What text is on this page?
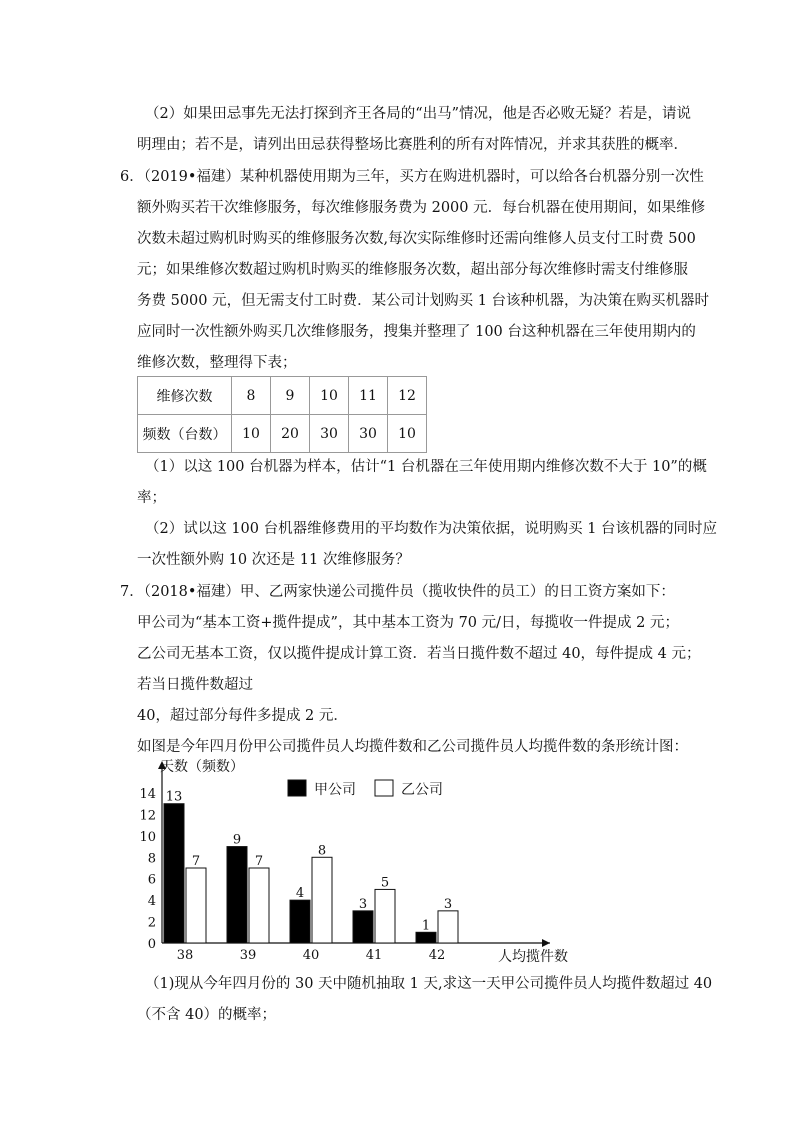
（2）如果田忌事先无法打探到齐王各局的“出马”情况，他是否必败无疑？若是，请说
明理由；若不是，请列出田忌获得整场比赛胜利的所有对阵情况，并求其获胜的概率．
6．（2019•福建）某种机器使用期为三年，买方在购进机器时，可以给各台机器分别一次性
额外购买若干次维修服务，每次维修服务费为 2000 元．每台机器在使用期间，如果维修
次数未超过购机时购买的维修服务次数,每次实际维修时还需向维修人员支付工时费 500
元；如果维修次数超过购机时购买的维修服务次数，超出部分每次维修时需支付维修服
务费 5000 元，但无需支付工时费．某公司计划购买 1 台该种机器，为决策在购买机器时
应同时一次性额外购买几次维修服务，搜集并整理了 100 台这种机器在三年使用期内的
维修次数，整理得下表；
维修次数	8	9	10	11	12
频数（台数）	10	20	30	30	10
（1）以这 100 台机器为样本，估计“1 台机器在三年使用期内维修次数不大于 10”的概
率；
（2）试以这 100 台机器维修费用的平均数作为决策依据，说明购买 1 台该机器的同时应
一次性额外购 10 次还是 11 次维修服务？
7．（2018•福建）甲、乙两家快递公司揽件员（揽收快件的员工）的日工资方案如下：
甲公司为“基本工资+揽件提成”，其中基本工资为 70 元/日，每揽收一件提成 2 元；
乙公司无基本工资，仅以揽件提成计算工资．若当日揽件数不超过 40，每件提成 4 元；
若当日揽件数超过
40，超过部分每件多提成 2 元．
如图是今年四月份甲公司揽件员人均揽件数和乙公司揽件员人均揽件数的条形统计图：
天数（频数）
人均揽件数
0
2
4
6
8
10
12
14 13
7
38
9
7
39
4
8
40
3
5
41
1
3
42
甲公司	乙公司
（1)现从今年四月份的 30 天中随机抽取 1 天,求这一天甲公司揽件员人均揽件数超过 40
（不含 40）的概率；
